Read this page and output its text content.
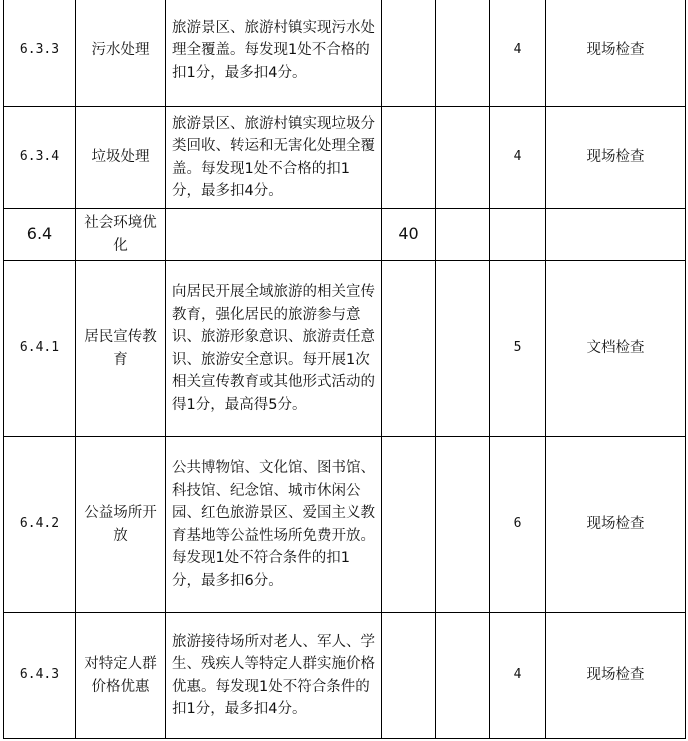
6.3.3	污水处理	旅游景区、旅游村镇实现污水处理全覆盖。每发现1处不合格的扣1分，最多扣4分。			4	现场检查
6.3.4	垃圾处理	旅游景区、旅游村镇实现垃圾分类回收、转运和无害化处理全覆盖。每发现1处不合格的扣1分，最多扣4分。			4	现场检查
6.4	社会环境优化		40			
6.4.1	居民宣传教育	向居民开展全域旅游的相关宣传教育，强化居民的旅游参与意识、旅游形象意识、旅游责任意识、旅游安全意识。每开展1次相关宣传教育或其他形式活动的得1分，最高得5分。			5	文档检查
6.4.2	公益场所开放	公共博物馆、文化馆、图书馆、科技馆、纪念馆、城市休闲公园、红色旅游景区、爱国主义教育基地等公益性场所免费开放。每发现1处不符合条件的扣1分，最多扣6分。			6	现场检查
6.4.3	对特定人群价格优惠	旅游接待场所对老人、军人、学生、残疾人等特定人群实施价格优惠。每发现1处不符合条件的扣1分，最多扣4分。			4	现场检查
